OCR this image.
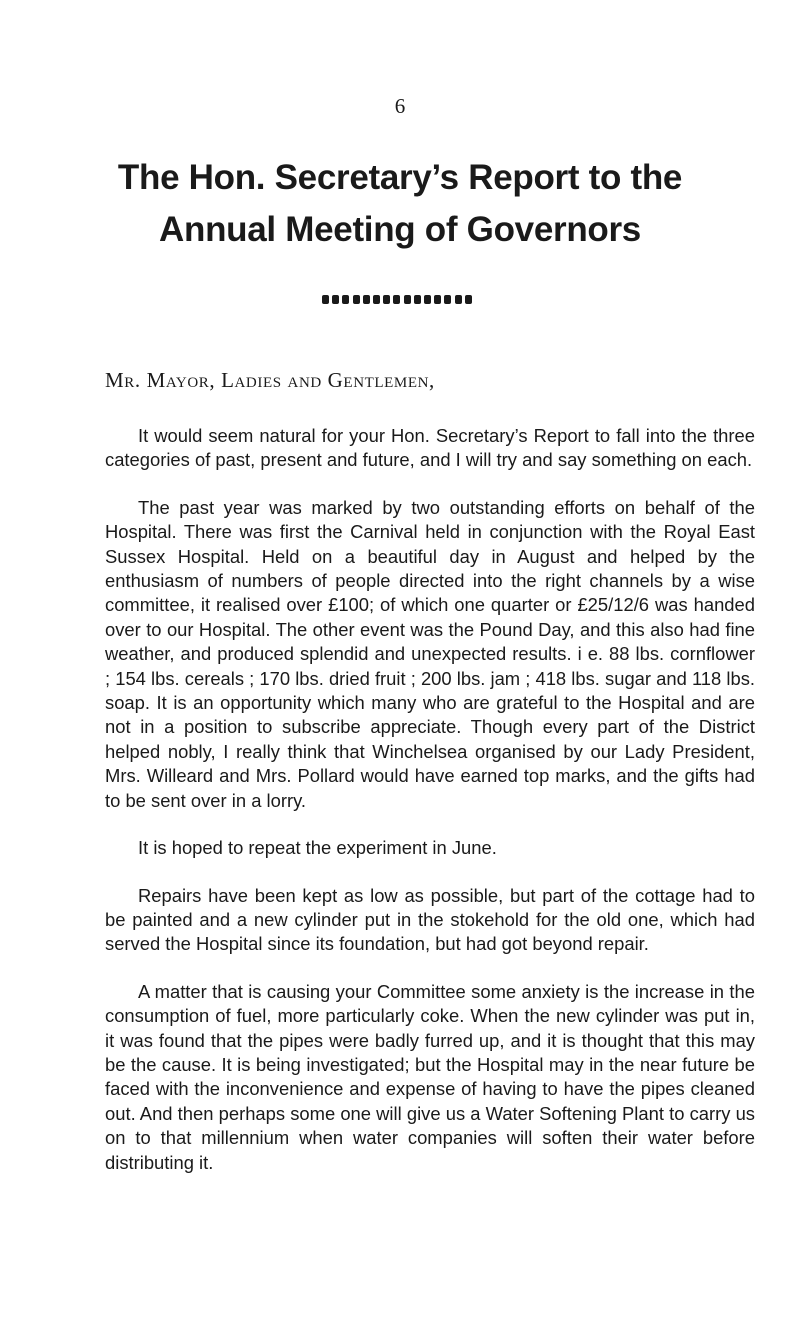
6
The Hon. Secretary’s Report to the Annual Meeting of Governors

Mr. Mayor, Ladies and Gentlemen,

It would seem natural for your Hon. Secretary’s Report to fall into the three categories of past, present and future, and I will try and say something on each.

The past year was marked by two outstanding efforts on behalf of the Hospital. There was first the Carnival held in conjunction with the Royal East Sussex Hospital. Held on a beautiful day in August and helped by the enthusiasm of numbers of people directed into the right channels by a wise committee, it realised over £100; of which one quarter or £25/12/6 was handed over to our Hospital. The other event was the Pound Day, and this also had fine weather, and produced splendid and unexpected results. i e. 88 lbs. cornflower ; 154 lbs. cereals ; 170 lbs. dried fruit ; 200 lbs. jam ; 418 lbs. sugar and 118 lbs. soap. It is an opportunity which many who are grateful to the Hospital and are not in a position to subscribe appreciate. Though every part of the District helped nobly, I really think that Winchelsea organised by our Lady President, Mrs. Willeard and Mrs. Pollard would have earned top marks, and the gifts had to be sent over in a lorry.

It is hoped to repeat the experiment in June.

Repairs have been kept as low as possible, but part of the cottage had to be painted and a new cylinder put in the stokehold for the old one, which had served the Hospital since its foundation, but had got beyond repair.

A matter that is causing your Committee some anxiety is the increase in the consumption of fuel, more particularly coke. When the new cylinder was put in, it was found that the pipes were badly furred up, and it is thought that this may be the cause. It is being investigated; but the Hospital may in the near future be faced with the inconvenience and expense of having to have the pipes cleaned out. And then perhaps some one will give us a Water Softening Plant to carry us on to that millennium when water companies will soften their water before distributing it.
